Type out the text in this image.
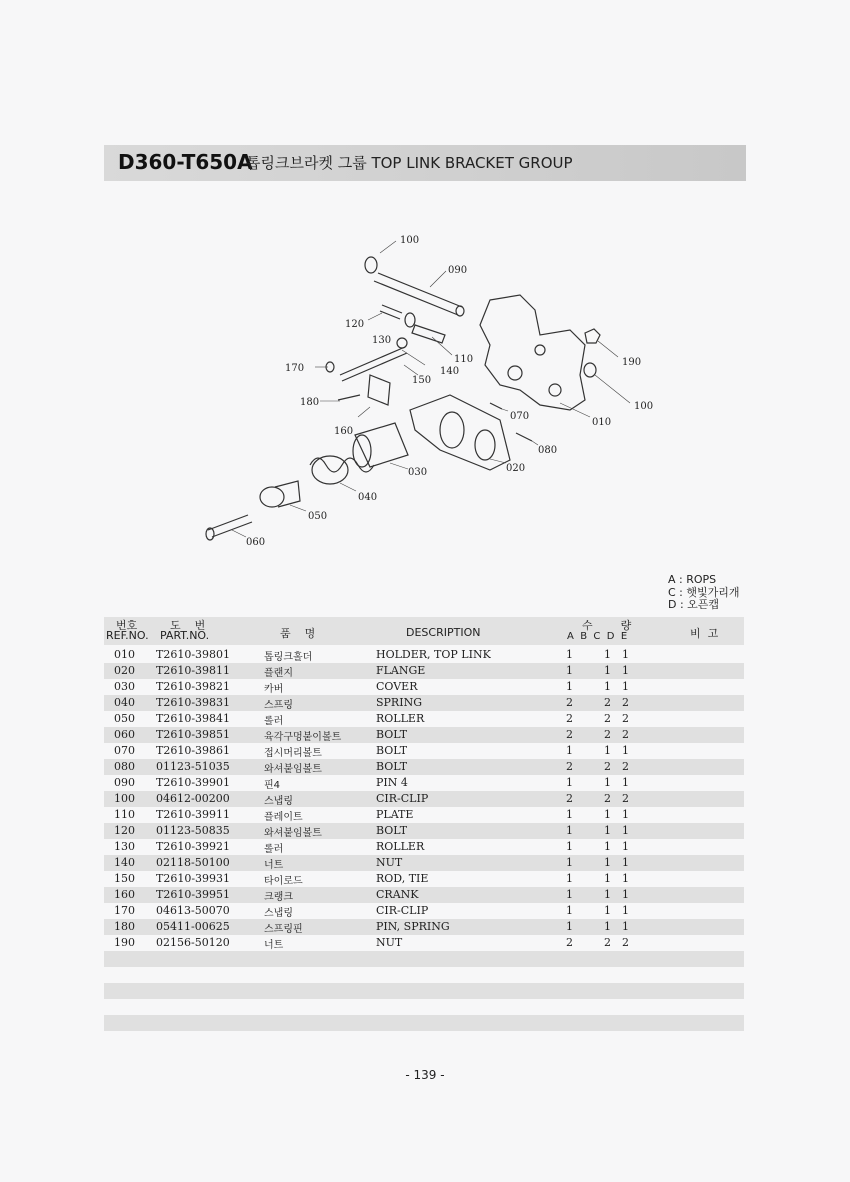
D360-T650A
톱링크브라켓 그룹 TOP LINK BRACKET GROUP
100
090
120
130
110
140
170
150
180
190
100
010
070
160
080
020
030
040
050
060
A : ROPS
C : 햇빛가리개
D : 오픈캡
번호
REF.NO.
도    번
PART.NO.	품    명	DESCRIPTION
수        량
A  B  C  D  E	비  고
010 T2610-39801	톱링크홀더	HOLDER, TOP LINK	1	1 1
020 T2610-39811	플랜지	FLANGE	1	1 1
030 T2610-39821	카버	COVER	1	1 1
040 T2610-39831	스프링	SPRING	2	2 2
050 T2610-39841	롤러	ROLLER	2	2 2
060 T2610-39851	육각구멍붙이볼트	BOLT	2	2 2
070 T2610-39861	접시머리볼트	BOLT	1	1 1
080 01123-51035	와셔붙임볼트	BOLT	2	2 2
090 T2610-39901	핀4	PIN 4	1	1 1
100 04612-00200	스냅링	CIR-CLIP	2	2 2
110 T2610-39911	플레이트	PLATE	1	1 1
120 01123-50835	와셔붙임볼트	BOLT	1	1 1
130 T2610-39921	롤러	ROLLER	1	1 1
140 02118-50100	너트	NUT	1	1 1
150 T2610-39931	타이로드	ROD, TIE	1	1 1
160 T2610-39951	크랭크	CRANK	1	1 1
170 04613-50070	스냅링	CIR-CLIP	1	1 1
180 05411-00625	스프링핀	PIN, SPRING	1	1 1
190 02156-50120	너트	NUT	2	2 2
- 139 -
